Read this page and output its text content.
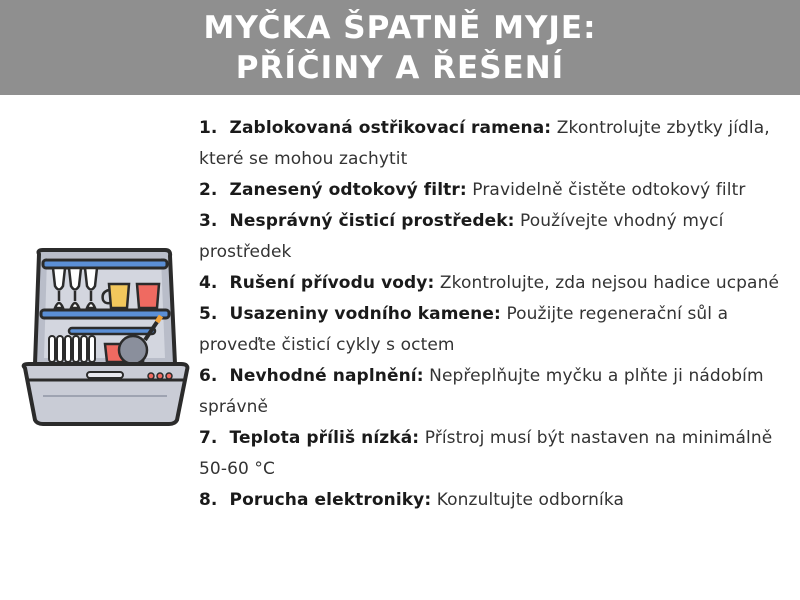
MYČKA ŠPATNĚ MYJE:
PŘÍČINY A ŘEŠENÍ
1. Zablokovaná ostřikovací ramena: Zkontrolujte zbytky jídla, které se mohou zachytit
2. Zanesený odtokový filtr: Pravidelně čistěte odtokový filtr
3. Nesprávný čisticí prostředek: Používejte vhodný mycí prostředek
4. Rušení přívodu vody: Zkontrolujte, zda nejsou hadice ucpané
5. Usazeniny vodního kamene: Použijte regenerační sůl a proveďte čisticí cykly s octem
6. Nevhodné naplnění: Nepřeplňujte myčku a plňte ji nádobím správně
7. Teplota příliš nízká: Přístroj musí být nastaven na minimálně 50-60 °C
8. Porucha elektroniky: Konzultujte odborníka
